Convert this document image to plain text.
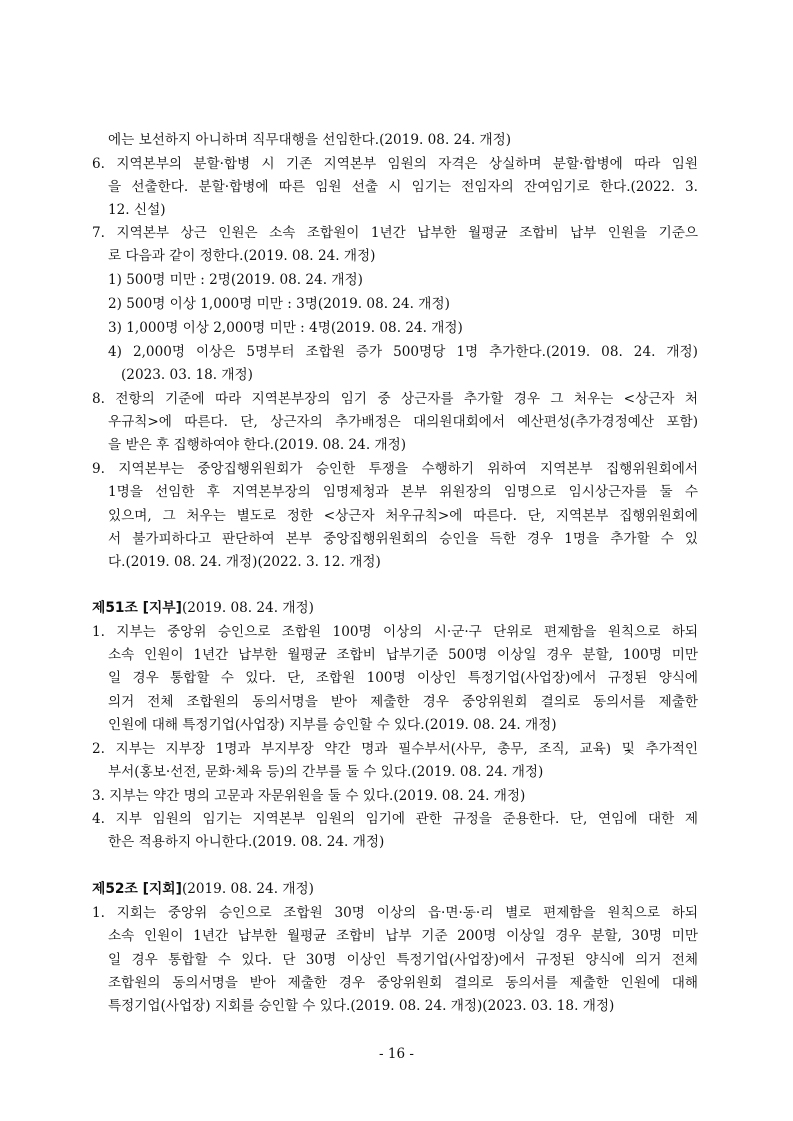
에는 보선하지 아니하며 직무대행을 선임한다.(2019. 08. 24. 개정)
6. 지역본부의 분할·합병 시 기존 지역본부 임원의 자격은 상실하며 분할·합병에 따라 임원
을 선출한다. 분할·합병에 따른 임원 선출 시 임기는 전임자의 잔여임기로 한다.(2022. 3.
12. 신설)
7. 지역본부 상근 인원은 소속 조합원이 1년간 납부한 월평균 조합비 납부 인원을 기준으
로 다음과 같이 정한다.(2019. 08. 24. 개정)
1) 500명 미만 : 2명(2019. 08. 24. 개정)
2) 500명 이상 1,000명 미만 : 3명(2019. 08. 24. 개정)
3) 1,000명 이상 2,000명 미만 : 4명(2019. 08. 24. 개정)
4) 2,000명 이상은 5명부터 조합원 증가 500명당 1명 추가한다.(2019. 08. 24. 개정)
(2023. 03. 18. 개정)
8. 전항의 기준에 따라 지역본부장의 임기 중 상근자를 추가할 경우 그 처우는 <상근자 처
우규칙>에 따른다. 단, 상근자의 추가배정은 대의원대회에서 예산편성(추가경정예산 포함)
을 받은 후 집행하여야 한다.(2019. 08. 24. 개정)
9. 지역본부는 중앙집행위원회가 승인한 투쟁을 수행하기 위하여 지역본부 집행위원회에서
1명을 선임한 후 지역본부장의 임명제청과 본부 위원장의 임명으로 임시상근자를 둘 수
있으며, 그 처우는 별도로 정한 <상근자 처우규칙>에 따른다. 단, 지역본부 집행위원회에
서 불가피하다고 판단하여 본부 중앙집행위원회의 승인을 득한 경우 1명을 추가할 수 있
다.(2019. 08. 24. 개정)(2022. 3. 12. 개정)
제51조 [지부](2019. 08. 24. 개정)
1. 지부는 중앙위 승인으로 조합원 100명 이상의 시·군·구 단위로 편제함을 원칙으로 하되
소속 인원이 1년간 납부한 월평균 조합비 납부기준 500명 이상일 경우 분할, 100명 미만
일 경우 통합할 수 있다. 단, 조합원 100명 이상인 특정기업(사업장)에서 규정된 양식에
의거 전체 조합원의 동의서명을 받아 제출한 경우 중앙위원회 결의로 동의서를 제출한
인원에 대해 특정기업(사업장) 지부를 승인할 수 있다.(2019. 08. 24. 개정)
2. 지부는 지부장 1명과 부지부장 약간 명과 필수부서(사무, 총무, 조직, 교육) 및 추가적인
부서(홍보·선전, 문화·체육 등)의 간부를 둘 수 있다.(2019. 08. 24. 개정)
3. 지부는 약간 명의 고문과 자문위원을 둘 수 있다.(2019. 08. 24. 개정)
4. 지부 임원의 임기는 지역본부 임원의 임기에 관한 규정을 준용한다. 단, 연임에 대한 제
한은 적용하지 아니한다.(2019. 08. 24. 개정)
제52조 [지회](2019. 08. 24. 개정)
1. 지회는 중앙위 승인으로 조합원 30명 이상의 읍·면·동·리 별로 편제함을 원칙으로 하되
소속 인원이 1년간 납부한 월평균 조합비 납부 기준 200명 이상일 경우 분할, 30명 미만
일 경우 통합할 수 있다. 단 30명 이상인 특정기업(사업장)에서 규정된 양식에 의거 전체
조합원의 동의서명을 받아 제출한 경우 중앙위원회 결의로 동의서를 제출한 인원에 대해
특정기업(사업장) 지회를 승인할 수 있다.(2019. 08. 24. 개정)(2023. 03. 18. 개정)
- 16 -
